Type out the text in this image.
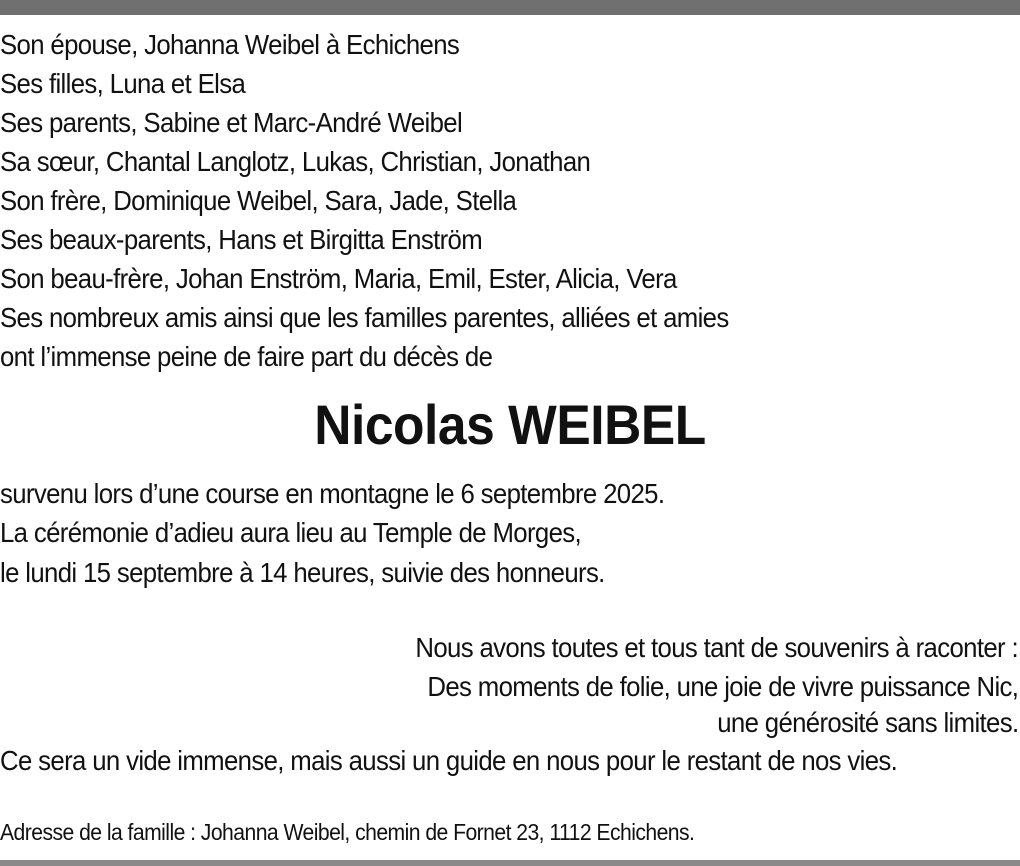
Son épouse, Johanna Weibel à Echichens
Ses filles, Luna et Elsa
Ses parents, Sabine et Marc-André Weibel
Sa sœur, Chantal Langlotz, Lukas, Christian, Jonathan
Son frère, Dominique Weibel, Sara, Jade, Stella
Ses beaux-parents, Hans et Birgitta Enström
Son beau-frère, Johan Enström, Maria, Emil, Ester, Alicia, Vera
Ses nombreux amis ainsi que les familles parentes, alliées et amies
ont l’immense peine de faire part du décès de
Nicolas WEIBEL
survenu lors d’une course en montagne le 6 septembre 2025.
La cérémonie d’adieu aura lieu au Temple de Morges,
le lundi 15 septembre à 14 heures, suivie des honneurs.
Nous avons toutes et tous tant de souvenirs à raconter :
Des moments de folie, une joie de vivre puissance Nic,
une générosité sans limites.
Ce sera un vide immense, mais aussi un guide en nous pour le restant de nos vies.
Adresse de la famille : Johanna Weibel, chemin de Fornet 23, 1112 Echichens.
